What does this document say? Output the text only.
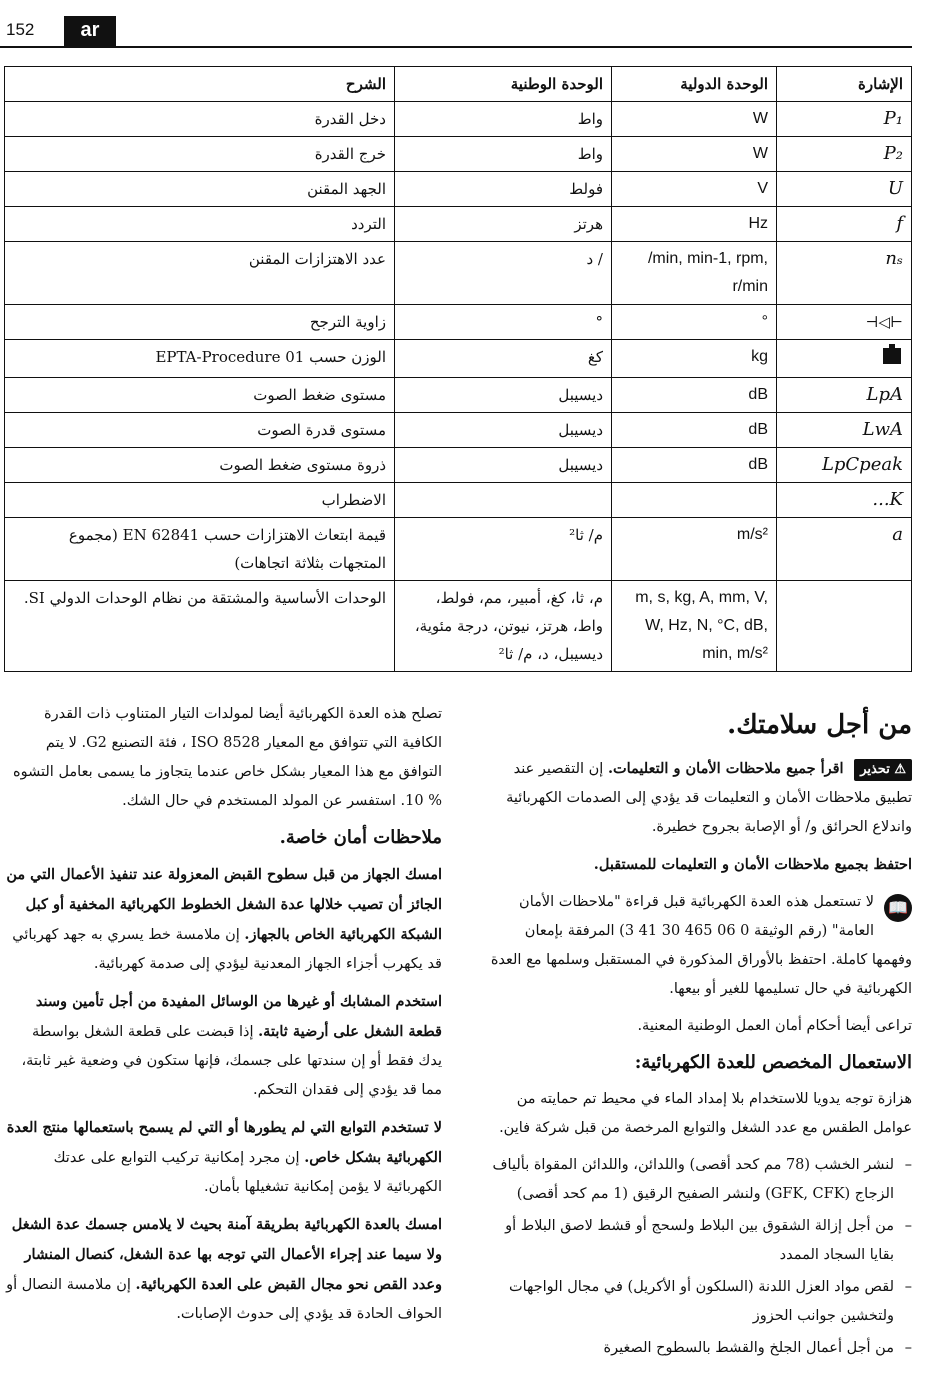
152	ar
الإشارة	الوحدة الدولية	الوحدة الوطنية	الشرح
P₁	W	واط	دخل القدرة
P₂	W	واط	خرج القدرة
U	V	فولط	الجهد المقنن
f	Hz	هرتز	التردد
nₛ	/min, min-1, rpm, r/min	/ د	عدد الاهتزازات المقنن
⊣◁⊢	°	°	زاوية الترجح
	kg	كغ	الوزن حسب EPTA-Procedure 01
LpA	dB	ديسيبل	مستوى ضغط الصوت
LwA	dB	ديسيبل	مستوى قدرة الصوت
LpCpeak	dB	ديسيبل	ذروة مستوى ضغط الصوت
K...			الاضطراب
a	m/s²	م/ ثا²	قيمة ابتعاث الاهتزازات حسب EN 62841 (مجموع المتجهات بثلاثة اتجاهات)
	m, s, kg, A, mm, V, W, Hz, N, °C, dB, min, m/s²	م، ثا، كغ، أمبير، مم، فولط، واط، هرتز، نيوتن، درجة مئوية، ديسيبل، د، م/ ثا²	الوحدات الأساسية والمشتقة من نظام الوحدات الدولي SI.
من أجل سلامتك.

⚠ تحذير اقرأ جميع ملاحظات الأمان و التعليمات. إن التقصير عند تطبيق ملاحظات الأمان و التعليمات قد يؤدي إلى الصدمات الكهربائية واندلاع الحرائق و/ أو الإصابة بجروح خطيرة.

احتفظ بجميع ملاحظات الأمان و التعليمات للمستقبل.

📖
لا تستعمل هذه العدة الكهربائية قبل قراءة "ملاحظات الأمان العامة" (رقم الوثيقة 0 06 465 30 41 3) المرفقة بإمعان وفهمها كاملة. احتفظ بالأوراق المذكورة في المستقبل وسلمها مع العدة الكهربائية في حال تسليمها للغير أو بيعها.

تراعى أيضا أحكام أمان العمل الوطنية المعنية.

الاستعمال المخصص للعدة الكهربائية:

هزازة توجه يدويا للاستخدام بلا إمداد الماء في محيط تم حمايته من عوامل الطقس مع عدد الشغل والتوابع المرخصة من قبل شركة فاين.

– لنشر الخشب (78 مم كحد أقصى) واللدائن، واللدائن المقواة بألياف الزجاج (GFK, CFK) ولنشر الصفيح الرقيق (1 مم كحد أقصى)
– من أجل إزالة الشقوق بين البلاط ولسحج أو قشط لاصق البلاط أو بقايا السجاد الممدد
– لقص مواد العزل اللدنة (السلكون أو الأكريل) في مجال الواجهات ولتخشين جوانب الحزوز
– من أجل أعمال الجلخ والقشط بالسطوح الصغيرة

تصلح هذه العدة الكهربائية أيضا لمولدات التيار المتناوب ذات القدرة الكافية التي تتوافق مع المعيار ISO 8528 ، فئة التصنيع G2. لا يتم التوافق مع هذا المعيار بشكل خاص عندما يتجاوز ما يسمى بعامل التشوه % 10. استفسر عن المولد المستخدم في حال الشك.

ملاحظات أمان خاصة.

امسك الجهاز من قبل سطوح القبض المعزولة عند تنفيذ الأعمال التي من الجائز أن تصيب خلالها عدة الشغل الخطوط الكهربائية المخفية أو كبل الشبكة الكهربائية الخاص بالجهاز. إن ملامسة خط يسري به جهد كهربائي قد يكهرب أجزاء الجهاز المعدنية ليؤدي إلى صدمة كهربائية.

استخدم المشابك أو غيرها من الوسائل المفيدة من أجل تأمين وسند قطعة الشغل على أرضية ثابتة. إذا قبضت على قطعة الشغل بواسطة يدك فقط أو إن سندتها على جسمك، فإنها ستكون في وضعية غير ثابتة، مما قد يؤدي إلى فقدان التحكم.

لا تستخدم التوابع التي لم يطورها أو التي لم يسمح باستعمالها منتج العدة الكهربائية بشكل خاص. إن مجرد إمكانية تركيب التوابع على عدتك الكهربائية لا يؤمن إمكانية تشغيلها بأمان.

امسك بالعدة الكهربائية بطريقة آمنة بحيث لا يلامس جسمك عدة الشغل ولا سيما عند إجراء الأعمال التي توجه بها عدة الشغل، كنصال المنشار وعدد القص نحو مجال القبض على العدة الكهربائية. إن ملامسة النصال أو الحواف الحادة قد يؤدي إلى حدوث الإصابات.
